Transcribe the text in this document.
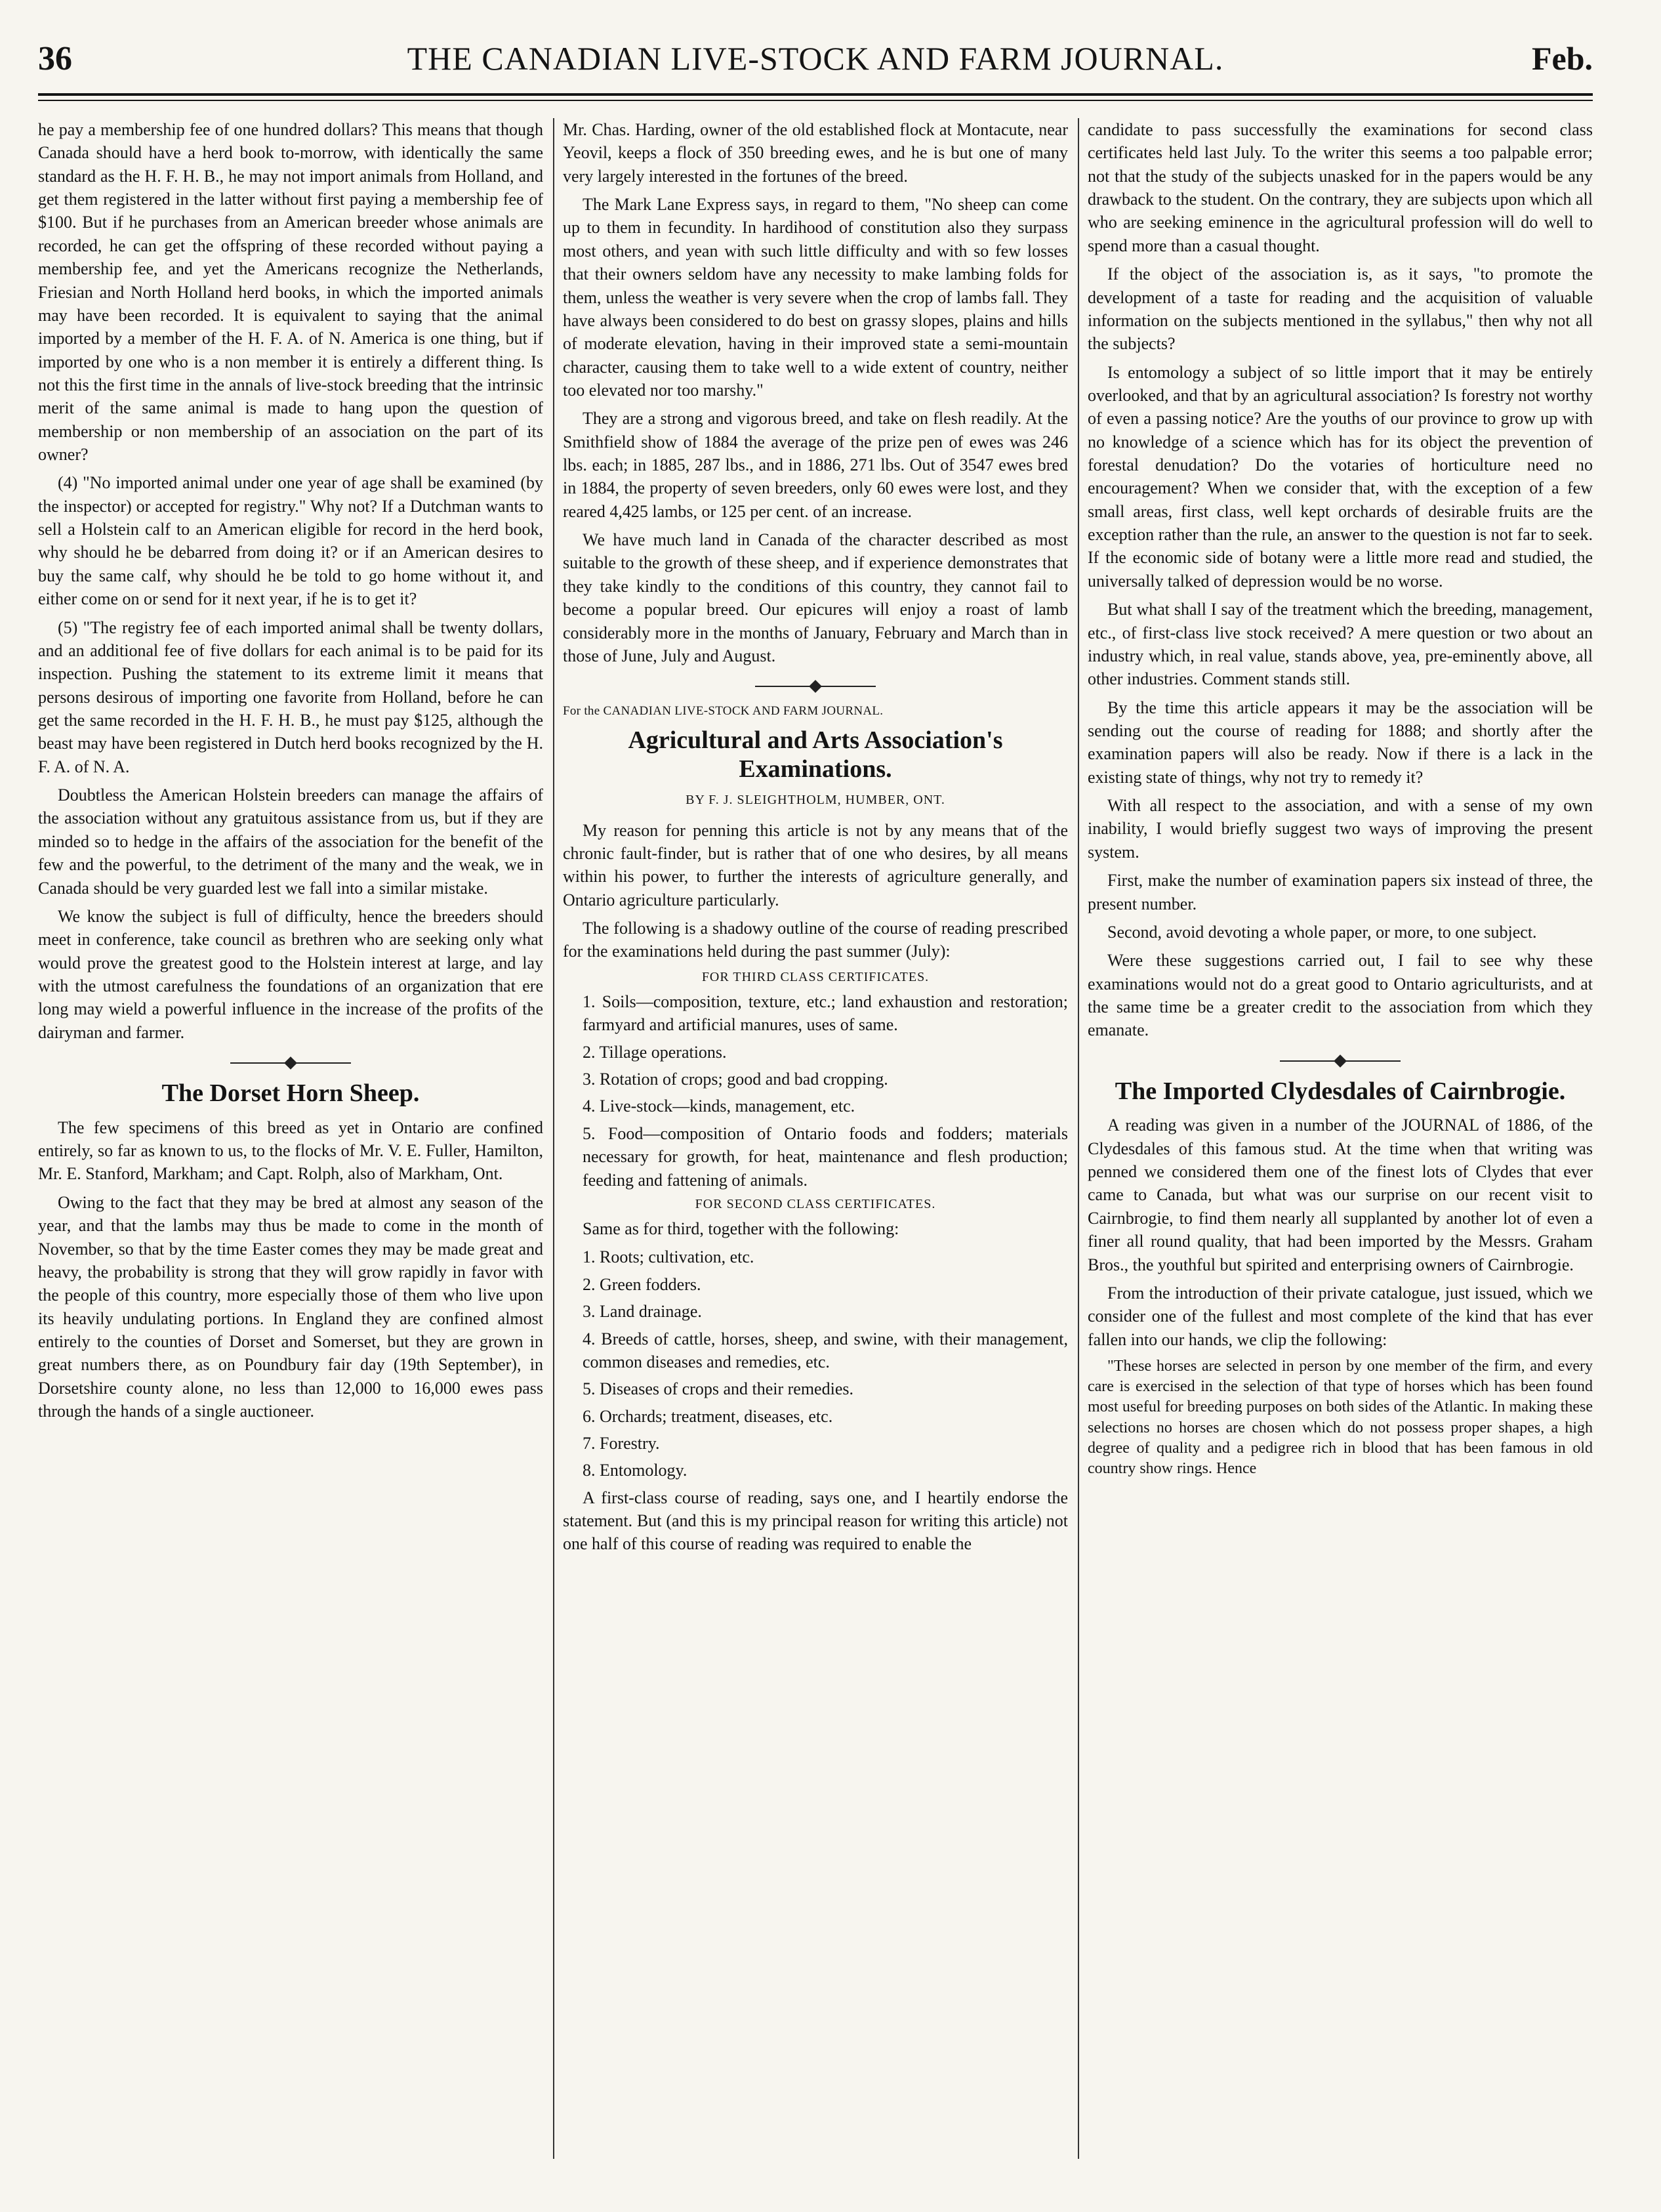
THE CANADIAN LIVE-STOCK AND FARM JOURNAL.
36	Feb.

he pay a membership fee of one hundred dollars? This means that though Canada should have a herd book to-morrow, with identically the same standard as the H. F. H. B., he may not import animals from Holland, and get them registered in the latter without first paying a membership fee of $100. But if he purchases from an American breeder whose animals are recorded, he can get the offspring of these recorded without paying a membership fee, and yet the Americans recognize the Netherlands, Friesian and North Holland herd books, in which the imported animals may have been recorded. It is equivalent to saying that the animal imported by a member of the H. F. A. of N. America is one thing, but if imported by one who is a non member it is entirely a different thing. Is not this the first time in the annals of live-stock breeding that the intrinsic merit of the same animal is made to hang upon the question of membership or non membership of an association on the part of its owner?

(4) "No imported animal under one year of age shall be examined (by the inspector) or accepted for registry." Why not? If a Dutchman wants to sell a Holstein calf to an American eligible for record in the herd book, why should he be debarred from doing it? or if an American desires to buy the same calf, why should he be told to go home without it, and either come on or send for it next year, if he is to get it?

(5) "The registry fee of each imported animal shall be twenty dollars, and an additional fee of five dollars for each animal is to be paid for its inspection. Pushing the statement to its extreme limit it means that persons desirous of importing one favorite from Holland, before he can get the same recorded in the H. F. H. B., he must pay $125, although the beast may have been registered in Dutch herd books recognized by the H. F. A. of N. A.

Doubtless the American Holstein breeders can manage the affairs of the association without any gratuitous assistance from us, but if they are minded so to hedge in the affairs of the association for the benefit of the few and the powerful, to the detriment of the many and the weak, we in Canada should be very guarded lest we fall into a similar mistake.

We know the subject is full of difficulty, hence the breeders should meet in conference, take council as brethren who are seeking only what would prove the greatest good to the Holstein interest at large, and lay with the utmost carefulness the foundations of an organization that ere long may wield a powerful influence in the increase of the profits of the dairyman and farmer.

The Dorset Horn Sheep.

The few specimens of this breed as yet in Ontario are confined entirely, so far as known to us, to the flocks of Mr. V. E. Fuller, Hamilton, Mr. E. Stanford, Markham; and Capt. Rolph, also of Markham, Ont.

Owing to the fact that they may be bred at almost any season of the year, and that the lambs may thus be made to come in the month of November, so that by the time Easter comes they may be made great and heavy, the probability is strong that they will grow rapidly in favor with the people of this country, more especially those of them who live upon its heavily undulating portions. In England they are confined almost entirely to the counties of Dorset and Somerset, but they are grown in great numbers there, as on Poundbury fair day (19th September), in Dorsetshire county alone, no less than 12,000 to 16,000 ewes pass through the hands of a single auctioneer.

Mr. Chas. Harding, owner of the old established flock at Montacute, near Yeovil, keeps a flock of 350 breeding ewes, and he is but one of many very largely interested in the fortunes of the breed.

The Mark Lane Express says, in regard to them, "No sheep can come up to them in fecundity. In hardihood of constitution also they surpass most others, and yean with such little difficulty and with so few losses that their owners seldom have any necessity to make lambing folds for them, unless the weather is very severe when the crop of lambs fall. They have always been considered to do best on grassy slopes, plains and hills of moderate elevation, having in their improved state a semi-mountain character, causing them to take well to a wide extent of country, neither too elevated nor too marshy."

They are a strong and vigorous breed, and take on flesh readily. At the Smithfield show of 1884 the average of the prize pen of ewes was 246 lbs. each; in 1885, 287 lbs., and in 1886, 271 lbs. Out of 3547 ewes bred in 1884, the property of seven breeders, only 60 ewes were lost, and they reared 4,425 lambs, or 125 per cent. of an increase.

We have much land in Canada of the character described as most suitable to the growth of these sheep, and if experience demonstrates that they take kindly to the conditions of this country, they cannot fail to become a popular breed. Our epicures will enjoy a roast of lamb considerably more in the months of January, February and March than in those of June, July and August.

For the CANADIAN LIVE-STOCK AND FARM JOURNAL.
Agricultural and Arts Association's Examinations.
BY F. J. SLEIGHTHOLM, HUMBER, ONT.

My reason for penning this article is not by any means that of the chronic fault-finder, but is rather that of one who desires, by all means within his power, to further the interests of agriculture generally, and Ontario agriculture particularly.

The following is a shadowy outline of the course of reading prescribed for the examinations held during the past summer (July):

FOR THIRD CLASS CERTIFICATES.

1. Soils—composition, texture, etc.; land exhaustion and restoration; farmyard and artificial manures, uses of same.

2. Tillage operations.

3. Rotation of crops; good and bad cropping.

4. Live-stock—kinds, management, etc.

5. Food—composition of Ontario foods and fodders; materials necessary for growth, for heat, maintenance and flesh production; feeding and fattening of animals.

FOR SECOND CLASS CERTIFICATES.

Same as for third, together with the following:

1. Roots; cultivation, etc.

2. Green fodders.

3. Land drainage.

4. Breeds of cattle, horses, sheep, and swine, with their management, common diseases and remedies, etc.

5. Diseases of crops and their remedies.

6. Orchards; treatment, diseases, etc.

7. Forestry.

8. Entomology.

A first-class course of reading, says one, and I heartily endorse the statement. But (and this is my principal reason for writing this article) not one half of this course of reading was required to enable the

candidate to pass successfully the examinations for second class certificates held last July. To the writer this seems a too palpable error; not that the study of the subjects unasked for in the papers would be any drawback to the student. On the contrary, they are subjects upon which all who are seeking eminence in the agricultural profession will do well to spend more than a casual thought.

If the object of the association is, as it says, "to promote the development of a taste for reading and the acquisition of valuable information on the subjects mentioned in the syllabus," then why not all the subjects?

Is entomology a subject of so little import that it may be entirely overlooked, and that by an agricultural association? Is forestry not worthy of even a passing notice? Are the youths of our province to grow up with no knowledge of a science which has for its object the prevention of forestal denudation? Do the votaries of horticulture need no encouragement? When we consider that, with the exception of a few small areas, first class, well kept orchards of desirable fruits are the exception rather than the rule, an answer to the question is not far to seek. If the economic side of botany were a little more read and studied, the universally talked of depression would be no worse.

But what shall I say of the treatment which the breeding, management, etc., of first-class live stock received? A mere question or two about an industry which, in real value, stands above, yea, pre-eminently above, all other industries. Comment stands still.

By the time this article appears it may be the association will be sending out the course of reading for 1888; and shortly after the examination papers will also be ready. Now if there is a lack in the existing state of things, why not try to remedy it?

With all respect to the association, and with a sense of my own inability, I would briefly suggest two ways of improving the present system.

First, make the number of examination papers six instead of three, the present number.

Second, avoid devoting a whole paper, or more, to one subject.

Were these suggestions carried out, I fail to see why these examinations would not do a great good to Ontario agriculturists, and at the same time be a greater credit to the association from which they emanate.

The Imported Clydesdales of Cairnbrogie.

A reading was given in a number of the JOURNAL of 1886, of the Clydesdales of this famous stud. At the time when that writing was penned we considered them one of the finest lots of Clydes that ever came to Canada, but what was our surprise on our recent visit to Cairnbrogie, to find them nearly all supplanted by another lot of even a finer all round quality, that had been imported by the Messrs. Graham Bros., the youthful but spirited and enterprising owners of Cairnbrogie.

From the introduction of their private catalogue, just issued, which we consider one of the fullest and most complete of the kind that has ever fallen into our hands, we clip the following:

"These horses are selected in person by one member of the firm, and every care is exercised in the selection of that type of horses which has been found most useful for breeding purposes on both sides of the Atlantic. In making these selections no horses are chosen which do not possess proper shapes, a high degree of quality and a pedigree rich in blood that has been famous in old country show rings. Hence
